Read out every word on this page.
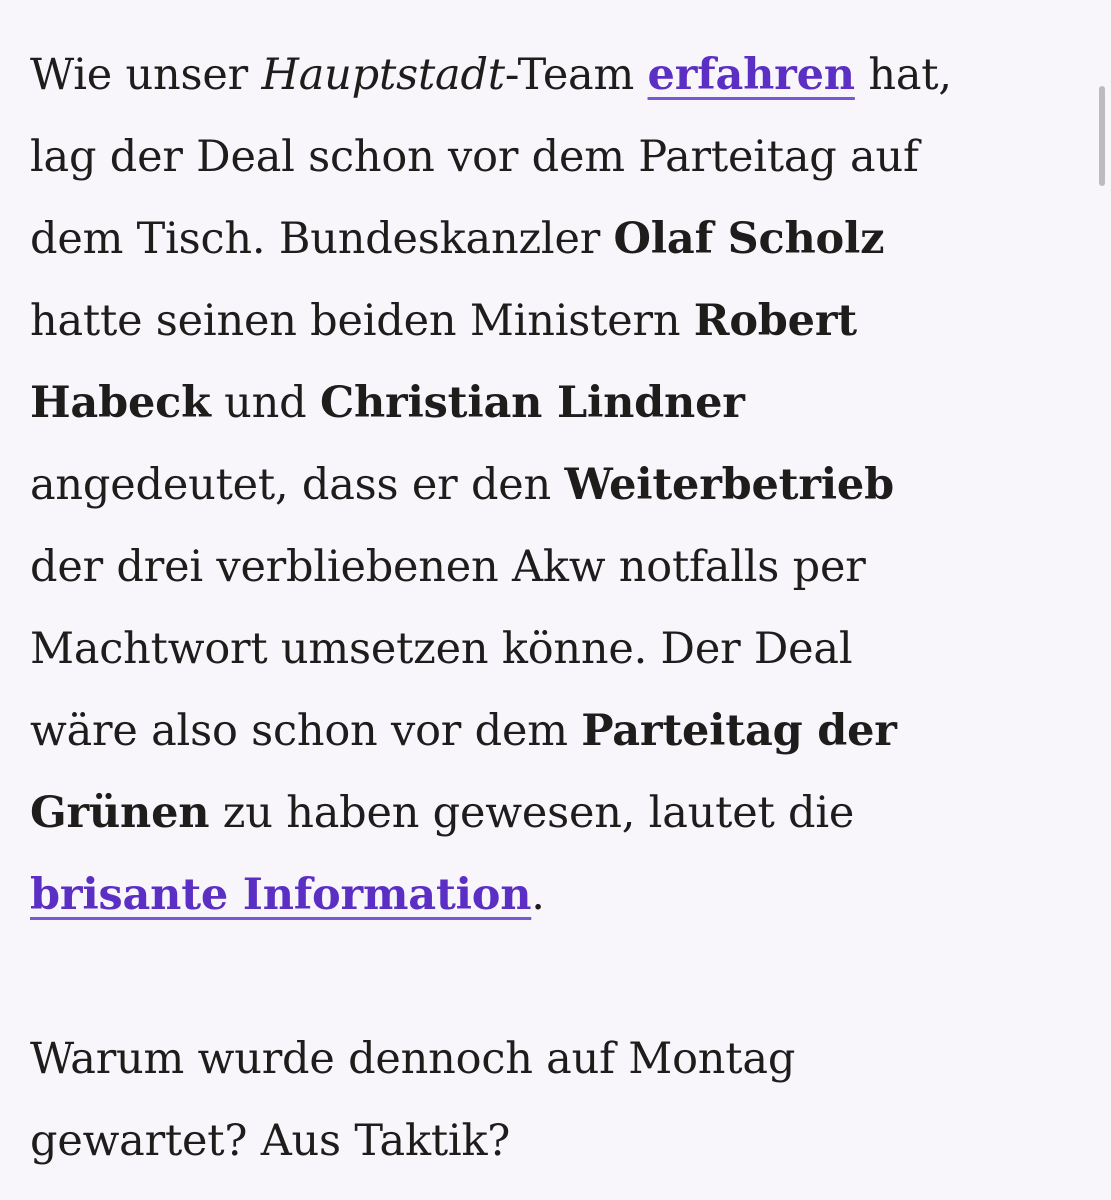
Wie unser Hauptstadt-Team erfahren hat,
lag der Deal schon vor dem Parteitag auf
dem Tisch. Bundeskanzler Olaf Scholz
hatte seinen beiden Ministern Robert
Habeck und Christian Lindner
angedeutet, dass er den Weiterbetrieb
der drei verbliebenen Akw notfalls per
Machtwort umsetzen könne. Der Deal
wäre also schon vor dem Parteitag der
Grünen zu haben gewesen, lautet die
brisante Information.
Warum wurde dennoch auf Montag
gewartet? Aus Taktik?
